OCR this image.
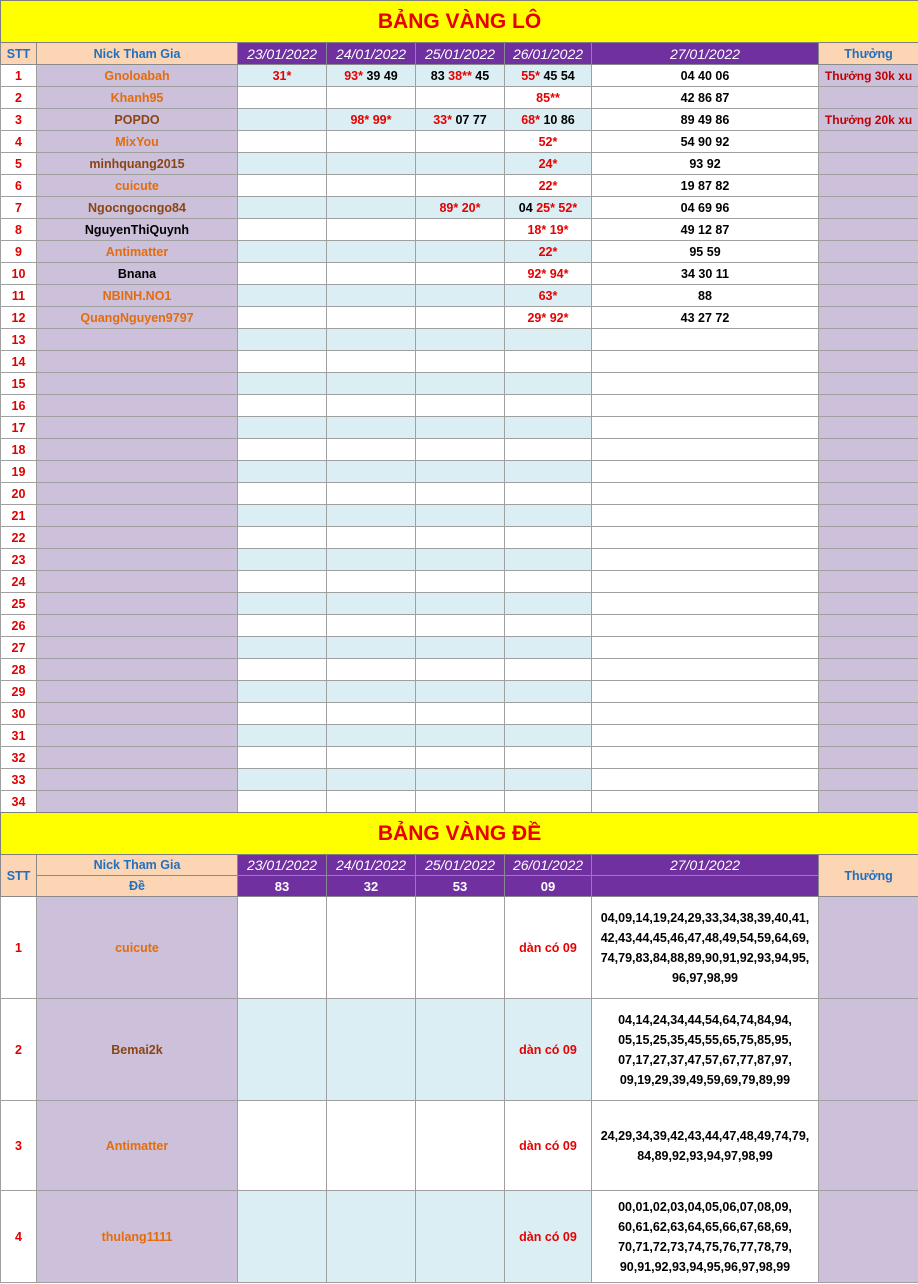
BẢNG VÀNG LÔ							
STT	Nick Tham Gia	23/01/2022	24/01/2022	25/01/2022	26/01/2022	27/01/2022	Thưởng
1	Gnoloabah	31*	93* 39 49	83 38** 45	55* 45 54	04 40 06	Thưởng 30k xu
2	Khanh95				85**	42 86 87	
3	POPDO		98* 99*	33* 07 77	68* 10 86	89 49 86	Thưởng 20k xu
4	MixYou				52*	54 90 92	
5	minhquang2015				24*	93 92	
6	cuicute				22*	19 87 82	
7	Ngocngocngo84			89* 20*	04 25* 52*	04 69 96	
8	NguyenThiQuynh				18* 19*	49 12 87	
9	Antimatter				22*	95 59	
10	Bnana				92* 94*	34 30 11	
11	NBINH.NO1				63*	88	
12	QuangNguyen9797				29* 92*	43 27 72	
13							
14							
15							
16							
17							
18							
19							
20							
21							
22							
23							
24							
25							
26							
27							
28							
29							
30							
31							
32							
33							
34							
BẢNG VÀNG ĐỀ							
STT	Nick Tham Gia	23/01/2022	24/01/2022	25/01/2022	26/01/2022	27/01/2022	Thưởng
	Đề	83	32	53	09		
1	cuicute				dàn có 09	04,09,14,19,24,29,33,34,38,39,40,41,
42,43,44,45,46,47,48,49,54,59,64,69,
74,79,83,84,88,89,90,91,92,93,94,95,
96,97,98,99	
2	Bemai2k				dàn có 09	04,14,24,34,44,54,64,74,84,94,
05,15,25,35,45,55,65,75,85,95,
07,17,27,37,47,57,67,77,87,97,
09,19,29,39,49,59,69,79,89,99	
3	Antimatter				dàn có 09	24,29,34,39,42,43,44,47,48,49,74,79,
84,89,92,93,94,97,98,99	
4	thulang1111				dàn có 09	00,01,02,03,04,05,06,07,08,09,
60,61,62,63,64,65,66,67,68,69,
70,71,72,73,74,75,76,77,78,79,
90,91,92,93,94,95,96,97,98,99	
